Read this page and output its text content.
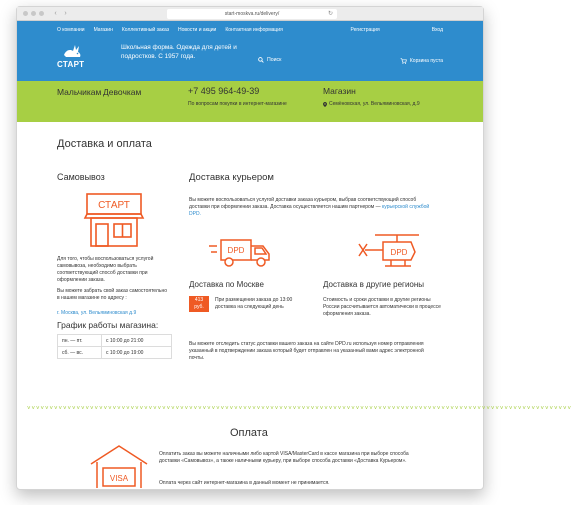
‹	›	start-moskva.ru/delivery/	↻
О компании Магазин Коллективный заказ Новости и акции Контактная информация	Регистрация	Вход
СТАРТ
Школьная форма. Одежда для детей и подростков. С 1957 года.
Поиск	Корзина пуста
Мальчикам Девочкам	+7 495 964-49-39
По вопросам покупки в интернет-магазине
Магазин
Семёновская, ул. Вельяминовская, д.9
Доставка и оплата
Самовывоз
СТАРТ
Для того, чтобы воспользоваться услугой самовывоза, необходимо выбрать соответствующий способ доставки при оформлении заказа.
Вы можете забрать свой заказ самостоятельно в нашем магазине по адресу :
г. Москва, ул. Вельяминовская д.9
График работы магазина:
пн. — пт.	с 10:00 до 21:00
сб. — вс.	с 10:00 до 19:00
Доставка курьером
Вы можете воспользоваться услугой доставки заказа курьером, выбрав соответствующий способ доставки при оформлении заказа. Доставка осуществляется нашим партнером — курьерской службой DPD.
DPD	DPD
Доставка по Москве
413
руб.
При размещении заказа до 13:00 доставка на следующий день
Доставка в другие регионы
Стоимость и сроки доставки в другие регионы России рассчитывается автоматически в процессе оформления заказа.
Вы можете отследить статус доставки вашего заказа на сайте DPD.ru используя номер отправления указанный в подтверждении заказа который будет отправлен на указанный вами адрес электронной почты.
˅˅˅˅˅˅˅˅˅˅˅˅˅˅˅˅˅˅˅˅˅˅˅˅˅˅˅˅˅˅˅˅˅˅˅˅˅˅˅˅˅˅˅˅˅˅˅˅˅˅˅˅˅˅˅˅˅˅˅˅˅˅˅˅˅˅˅˅˅˅˅˅˅˅˅˅˅˅˅˅˅˅˅˅˅˅˅˅˅˅˅˅˅˅˅˅˅˅˅˅˅˅˅˅˅˅˅˅˅˅˅˅˅˅˅˅˅˅˅˅˅
Оплата
VISA
Оплатить заказ вы можете наличными либо картой VISA/MasterCard в кассе магазина при выборе способа доставки «Самовывоз», а также наличными курьеру, при выборе способа доставки «Доставка Курьером».
Оплата через сайт интернет-магазина в данный момент не принимается.
